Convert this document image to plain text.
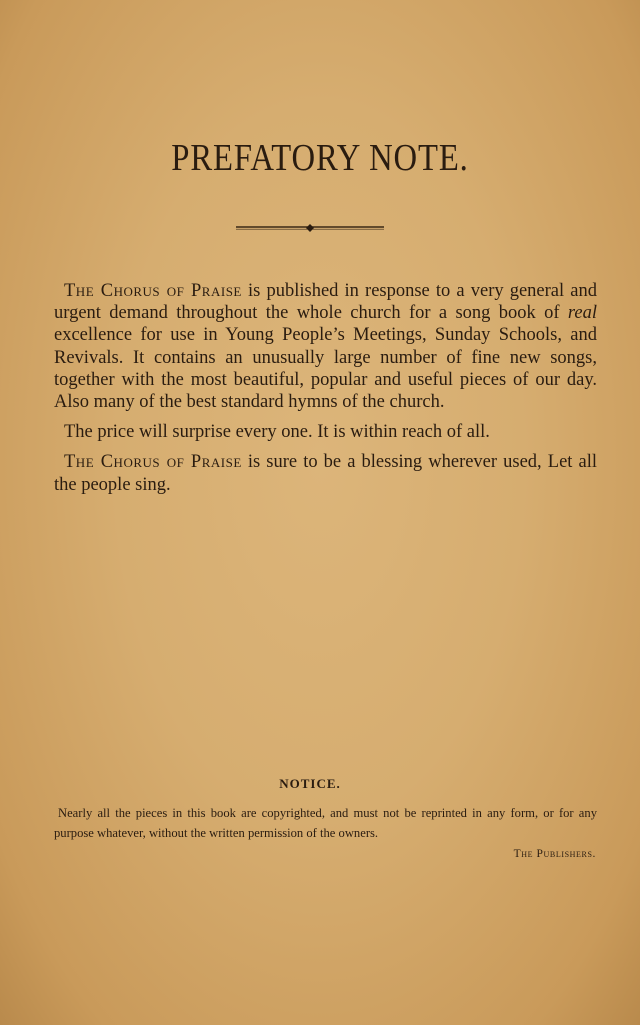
PREFATORY NOTE.

The Chorus of Praise is published in response to a very general and urgent demand throughout the whole church for a song book of real excellence for use in Young People’s Meetings, Sunday Schools, and Revivals. It contains an unusually large number of fine new songs, together with the most beautiful, popular and useful pieces of our day. Also many of the best standard hymns of the church.

The price will surprise every one. It is within reach of all.

The Chorus of Praise is sure to be a blessing wherever used, Let all the people sing.

NOTICE.
Nearly all the pieces in this book are copyrighted, and must not be reprinted in any form, or for any purpose whatever, without the written permission of the owners.
The Publishers.
